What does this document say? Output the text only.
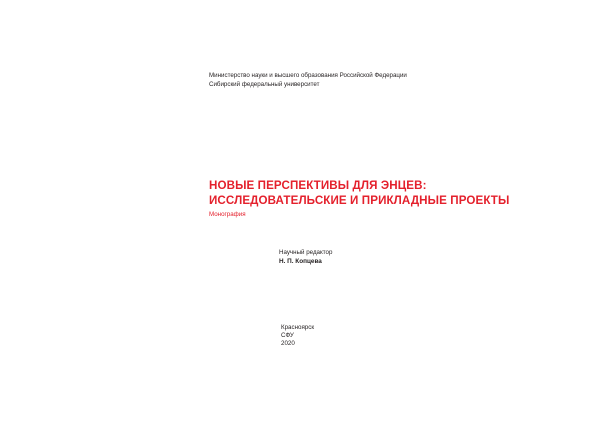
Министерство науки и высшего образования Российской Федерации
Сибирский федеральный университет
НОВЫЕ ПЕРСПЕКТИВЫ ДЛЯ ЭНЦЕВ:
ИССЛЕДОВАТЕЛЬСКИЕ И ПРИКЛАДНЫЕ ПРОЕКТЫ
Монография
Научный редактор
Н. П. Копцева
Красноярск
СФУ
2020
